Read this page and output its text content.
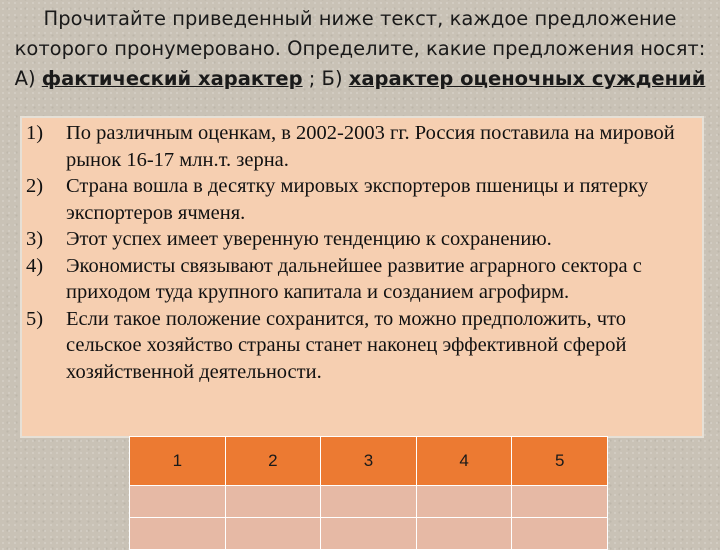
Прочитайте приведенный ниже текст, каждое предложение
которого пронумеровано. Определите, какие предложения носят:
А) фактический характер ; Б) характер оценочных суждений
1)	По различным оценкам, в 2002-2003 гг. Россия поставила на мировой рынок 16-17 млн.т. зерна.
2)	Страна вошла в десятку мировых экспортеров пшеницы и пятерку экспортеров ячменя.
3)	Этот успех имеет уверенную тенденцию к сохранению.
4)	Экономисты связывают дальнейшее развитие аграрного сектора с приходом туда крупного капитала и созданием агрофирм.
5)	Если такое положение сохранится, то можно предположить, что сельское хозяйство страны станет наконец эффективной сферой хозяйственной деятельности.
1	2	3	4	5
